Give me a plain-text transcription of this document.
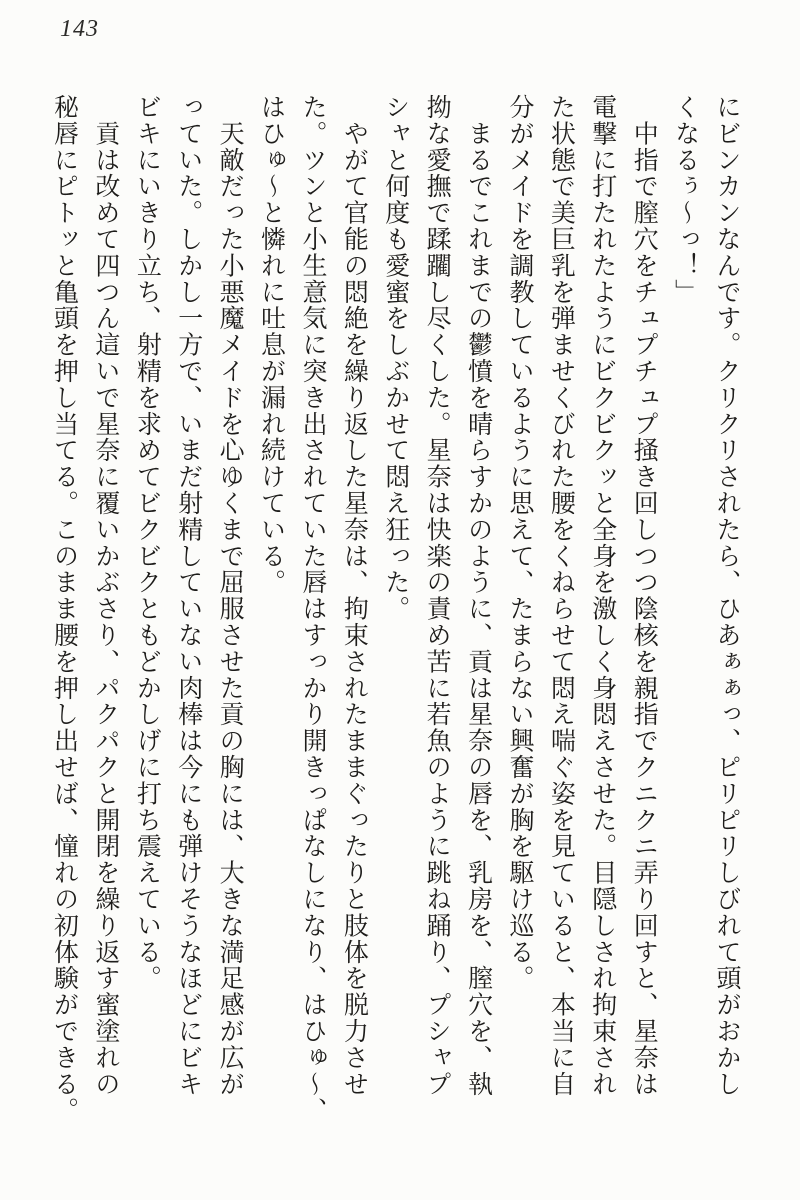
143
にビンカンなんです。クリクリされたら、ひあぁぁっ、ピリピリしびれて頭がおかし
くなるぅ～っ！」
　中指で膣穴をチュプチュプ掻き回しつつ陰核を親指でクニクニ弄り回すと、星奈は
電撃に打たれたようにビクビクッと全身を激しく身悶えさせた。目隠しされ拘束され
た状態で美巨乳を弾ませくびれた腰をくねらせて悶え喘ぐ姿を見ていると、本当に自
分がメイドを調教しているように思えて、たまらない興奮が胸を駆け巡る。
　まるでこれまでの鬱憤を晴らすかのように、貢は星奈の唇を、乳房を、膣穴を、執
拗な愛撫で蹂躙し尽くした。星奈は快楽の責め苦に若魚のように跳ね踊り、プシャプ
シャと何度も愛蜜をしぶかせて悶え狂った。
　やがて官能の悶絶を繰り返した星奈は、拘束されたままぐったりと肢体を脱力させ
た。ツンと小生意気に突き出されていた唇はすっかり開きっぱなしになり、はひゅ～、
はひゅ～と憐れに吐息が漏れ続けている。
　天敵だった小悪魔メイドを心ゆくまで屈服させた貢の胸には、大きな満足感が広が
っていた。しかし一方で、いまだ射精していない肉棒は今にも弾けそうなほどにビキ
ビキにいきり立ち、射精を求めてビクビクともどかしげに打ち震えている。
　貢は改めて四つん這いで星奈に覆いかぶさり、パクパクと開閉を繰り返す蜜塗れの
秘唇にピトッと亀頭を押し当てる。このまま腰を押し出せば、憧れの初体験ができる。
